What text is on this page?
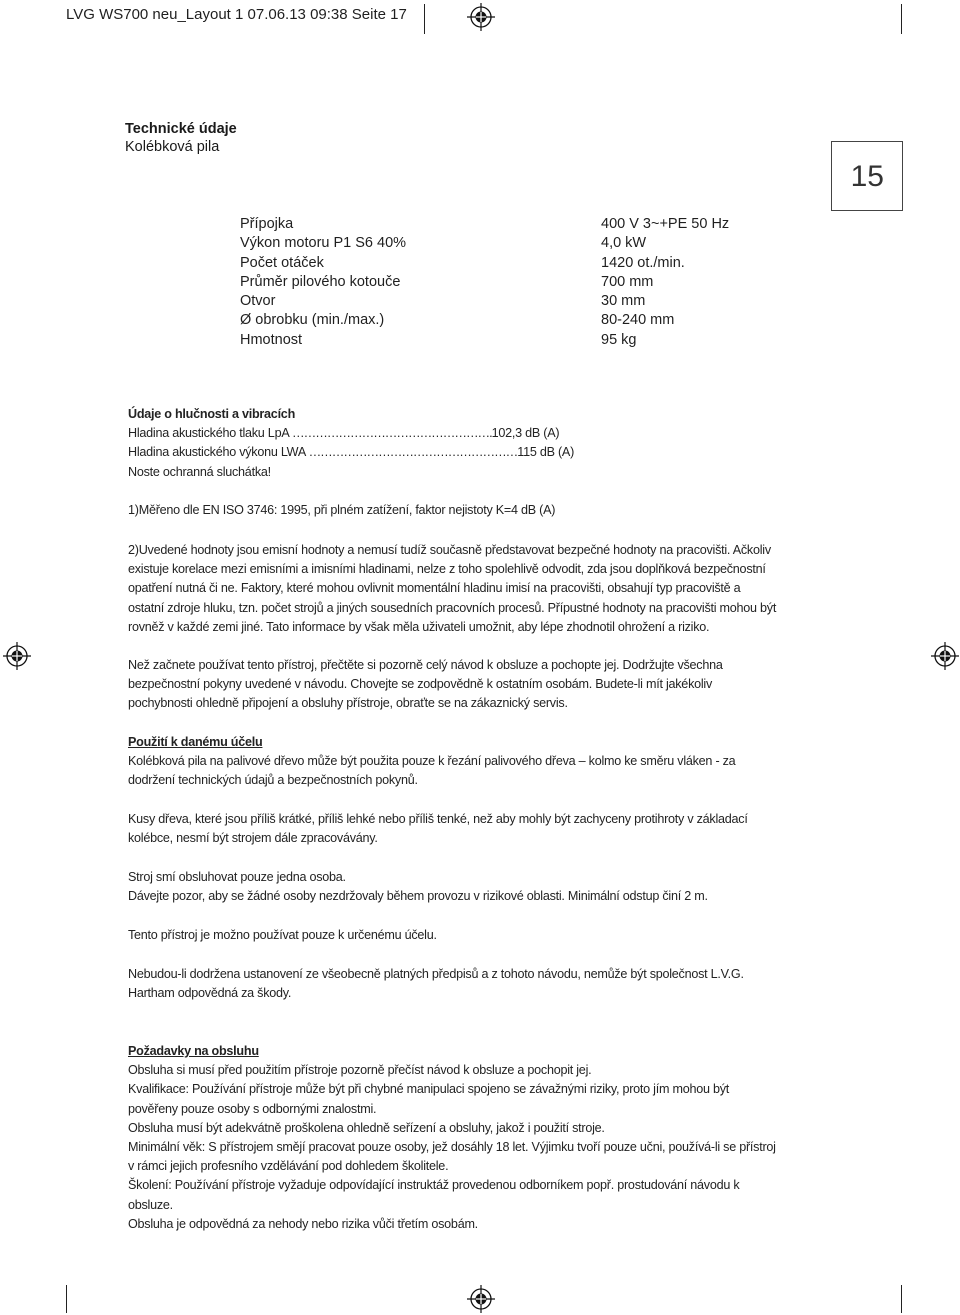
LVG WS700 neu_Layout 1 07.06.13 09:38 Seite 17
15
Technické údaje
Kolébková pila
Přípojka
Výkon motoru P1 S6 40%
Počet otáček
Průměr pilového kotouče
Otvor
Ø obrobku (min./max.)
Hmotnost
400 V 3~+PE 50 Hz
4,0 kW
1420 ot./min.
700 mm
30 mm
80-240 mm
95 kg

Údaje o hlučnosti a vibracích

Hladina akustického tlaku LpA …………………………………………….102,3 dB (A)

Hladina akustického výkonu LWA ………………………………………………115 dB (A)

Noste ochranná sluchátka!

1)Měřeno dle EN ISO 3746: 1995, při plném zatížení, faktor nejistoty K=4 dB (A)

2)Uvedené hodnoty jsou emisní hodnoty a nemusí tudíž současně představovat bezpečné hodnoty na pracovišti. Ačkoliv

existuje korelace mezi emisními a imisními hladinami, nelze z toho spolehlivě odvodit, zda jsou doplňková bezpečnostní

opatření nutná či ne. Faktory, které mohou ovlivnit momentální hladinu imisí na pracovišti, obsahují typ pracoviště a

ostatní zdroje hluku, tzn. počet strojů a jiných sousedních pracovních procesů. Přípustné hodnoty na pracovišti mohou být

rovněž v každé zemi jiné. Tato informace by však měla uživateli umožnit, aby lépe zhodnotil ohrožení a riziko.

Než začnete používat tento přístroj, přečtěte si pozorně celý návod k obsluze a pochopte jej. Dodržujte všechna

bezpečnostní pokyny uvedené v návodu. Chovejte se zodpovědně k ostatním osobám. Budete-li mít jakékoliv

pochybnosti ohledně připojení a obsluhy přístroje, obraťte se na zákaznický servis.

Použití k danému účelu

Kolébková pila na palivové dřevo může být použita pouze k řezání palivového dřeva – kolmo ke směru vláken - za

dodržení technických údajů a bezpečnostních pokynů.

Kusy dřeva, které jsou příliš krátké, příliš lehké nebo příliš tenké, než aby mohly být zachyceny protihroty v základací

kolébce, nesmí být strojem dále zpracovávány.

Stroj smí obsluhovat pouze jedna osoba.

Dávejte pozor, aby se žádné osoby nezdržovaly během provozu v rizikové oblasti. Minimální odstup činí 2 m.

Tento přístroj je možno používat pouze k určenému účelu.

Nebudou-li dodržena ustanovení ze všeobecně platných předpisů a z tohoto návodu, nemůže být společnost L.V.G.

Hartham odpovědná za škody.

Požadavky na obsluhu

Obsluha si musí před použitím přístroje pozorně přečíst návod k obsluze a pochopit jej.

Kvalifikace: Používání přístroje může být při chybné manipulaci spojeno se závažnými riziky, proto jím mohou být

pověřeny pouze osoby s odbornými znalostmi.

Obsluha musí být adekvátně proškolena ohledně seřízení a obsluhy, jakož i použití stroje.

Minimální věk: S přístrojem smějí pracovat pouze osoby, jež dosáhly 18 let. Výjimku tvoří pouze učni, používá-li se přístroj

v rámci jejich profesního vzdělávání pod dohledem školitele.

Školení: Používání přístroje vyžaduje odpovídající instruktáž provedenou odborníkem popř. prostudování návodu k

obsluze.

Obsluha je odpovědná za nehody nebo rizika vůči třetím osobám.
